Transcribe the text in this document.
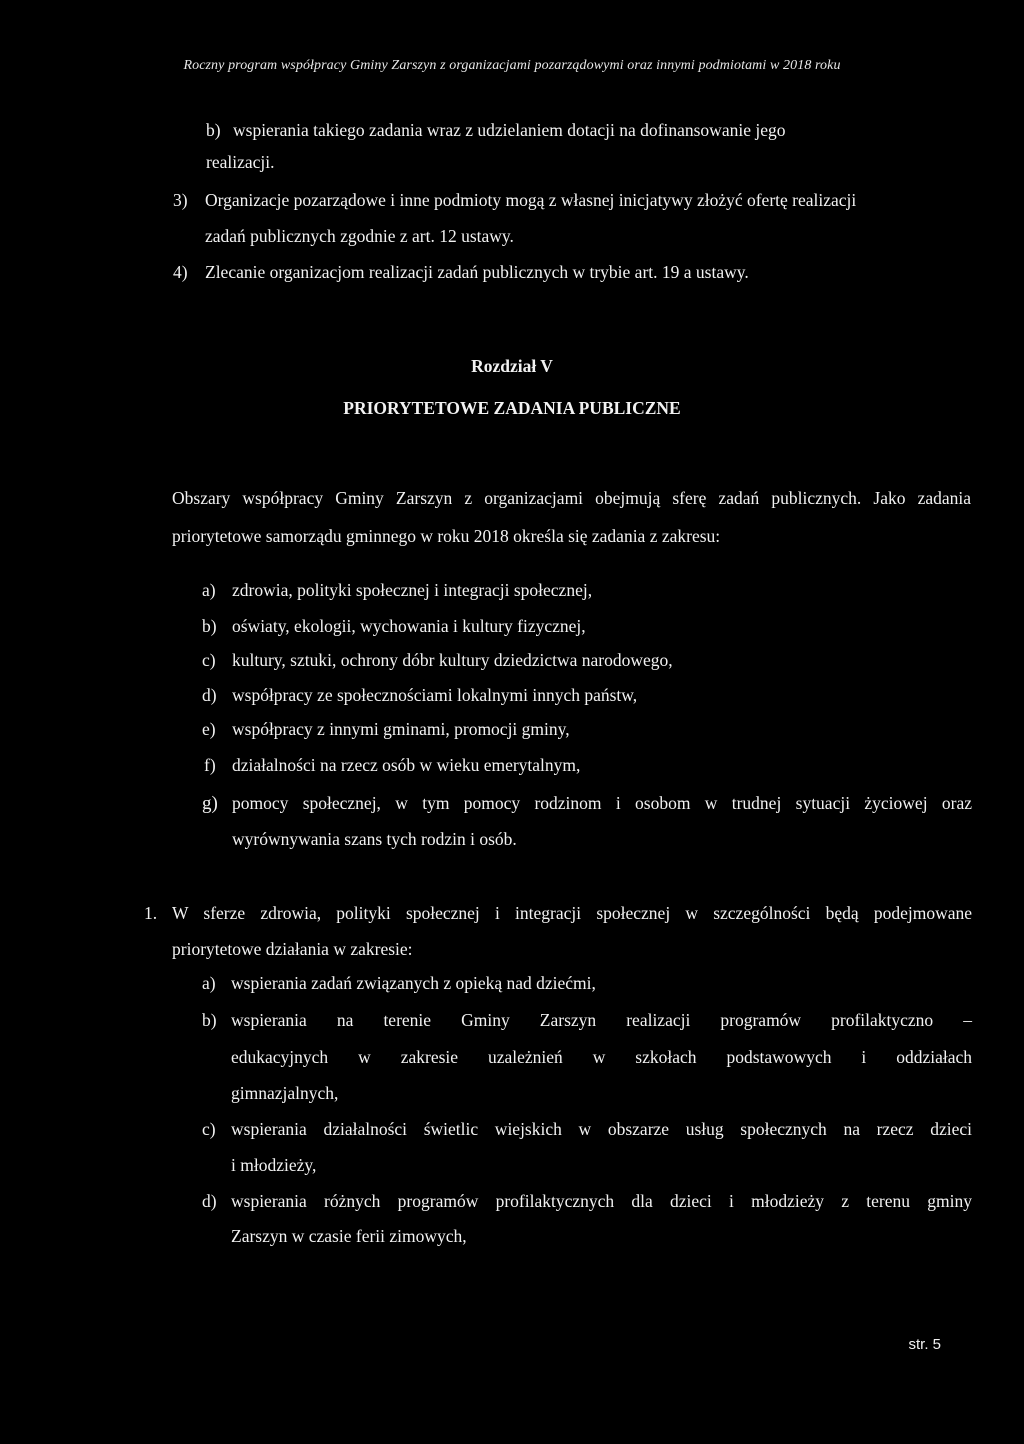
Roczny program współpracy Gminy Zarszyn z organizacjami pozarządowymi oraz innymi podmiotami w 2018 roku
b) wspierania takiego zadania wraz z udzielaniem dotacji na dofinansowanie jego
realizacji.
3) Organizacje pozarządowe i inne podmioty mogą z własnej inicjatywy złożyć ofertę realizacji
zadań publicznych zgodnie z art. 12 ustawy.
4) Zlecanie organizacjom realizacji zadań publicznych w trybie art. 19 a ustawy.
Rozdział V
PRIORYTETOWE ZADANIA PUBLICZNE
Obszary współpracy Gminy Zarszyn z organizacjami obejmują sferę zadań publicznych. Jako zadania
priorytetowe samorządu gminnego w roku 2018 określa się zadania z zakresu:
a) zdrowia, polityki społecznej i integracji społecznej,
b) oświaty, ekologii, wychowania i kultury fizycznej,
c) kultury, sztuki, ochrony dóbr kultury dziedzictwa narodowego,
d) współpracy ze społecznościami lokalnymi innych państw,
e) współpracy z innymi gminami, promocji gminy,
f) działalności na rzecz osób w wieku emerytalnym,
g) pomocy społecznej, w tym pomocy rodzinom i osobom w trudnej sytuacji życiowej oraz
wyrównywania szans tych rodzin i osób.
1. W sferze zdrowia, polityki społecznej i integracji społecznej w szczególności będą podejmowane
priorytetowe działania w zakresie:
a) wspierania zadań związanych z opieką nad dziećmi,
b) wspierania na terenie Gminy Zarszyn realizacji programów profilaktyczno –
edukacyjnych w zakresie uzależnień w szkołach podstawowych i oddziałach
gimnazjalnych,
c) wspierania działalności świetlic wiejskich w obszarze usług społecznych na rzecz dzieci
i młodzieży,
d) wspierania różnych programów profilaktycznych dla dzieci i młodzieży z terenu gminy
Zarszyn w czasie ferii zimowych,
str. 5
